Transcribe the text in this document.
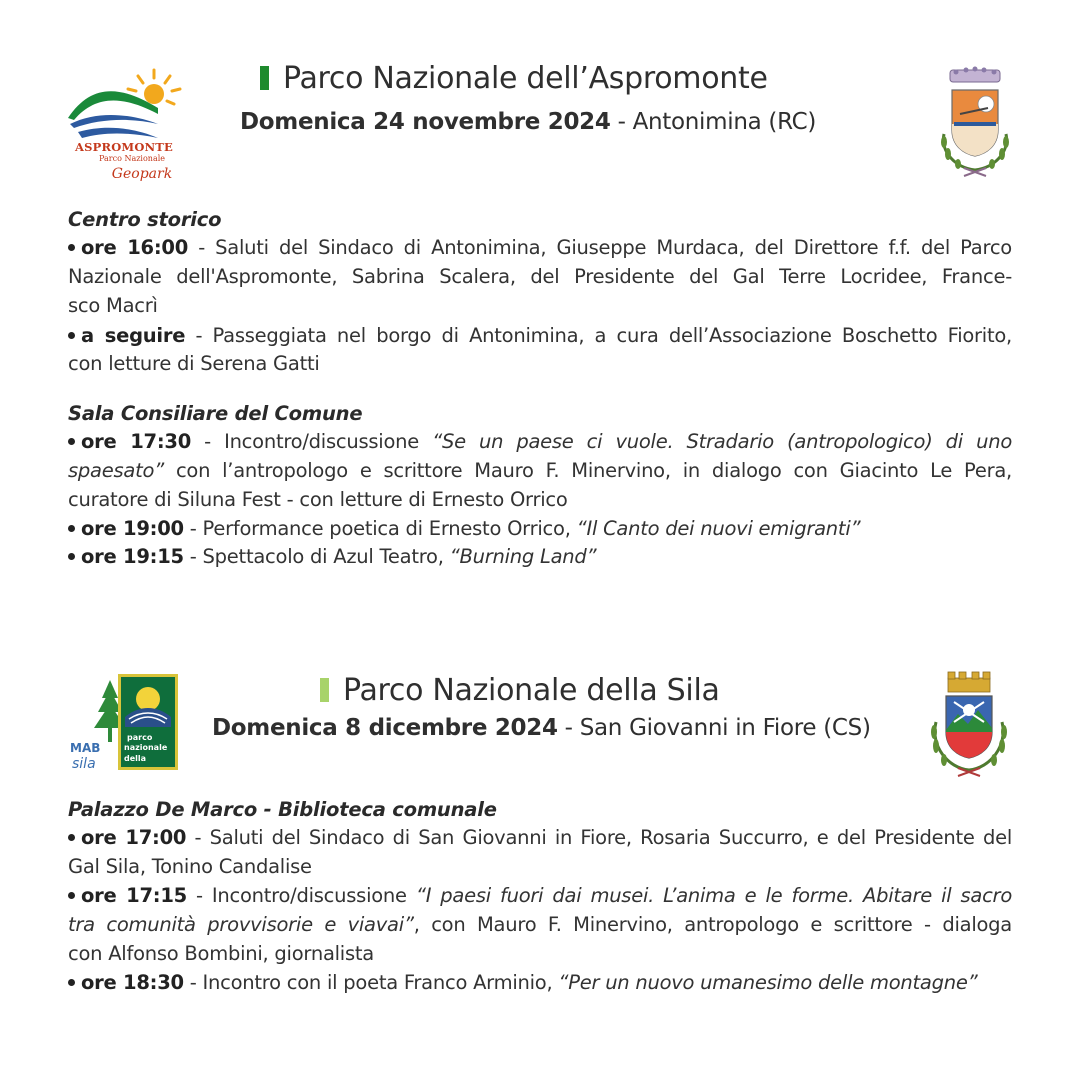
ASPROMONTE
Parco Nazionale
Geopark
Parco Nazionale dell’Aspromonte
Domenica 24 novembre 2024 - Antonimina (RC)
Centro storico
ore 16:00 - Saluti del Sindaco di Antonimina, Giuseppe Murdaca, del Direttore f.f. del Parco
Nazionale dell'Aspromonte, Sabrina Scalera, del Presidente del Gal Terre Locridee, France-
sco Macrì
a seguire - Passeggiata nel borgo di Antonimina, a cura dell’Associazione Boschetto Fiorito,
con letture di Serena Gatti
Sala Consiliare del Comune
ore 17:30 - Incontro/discussione “Se un paese ci vuole. Stradario (antropologico) di uno
spaesato” con l’antropologo e scrittore Mauro F. Minervino, in dialogo con Giacinto Le Pera,
curatore di Siluna Fest - con letture di Ernesto Orrico
ore 19:00 - Performance poetica di Ernesto Orrico, “Il Canto dei nuovi emigranti”
ore 19:15 - Spettacolo di Azul Teatro, “Burning Land”
MAB
sila
parco
nazionale
della
Parco Nazionale della Sila
Domenica 8 dicembre 2024 - San Giovanni in Fiore (CS)
Palazzo De Marco - Biblioteca comunale
ore 17:00 - Saluti del Sindaco di San Giovanni in Fiore, Rosaria Succurro, e del Presidente del
Gal Sila, Tonino Candalise
ore 17:15 - Incontro/discussione “I paesi fuori dai musei. L’anima e le forme. Abitare il sacro
tra comunità provvisorie e viavai”, con Mauro F. Minervino, antropologo e scrittore - dialoga
con Alfonso Bombini, giornalista
ore 18:30 - Incontro con il poeta Franco Arminio, “Per un nuovo umanesimo delle montagne”
